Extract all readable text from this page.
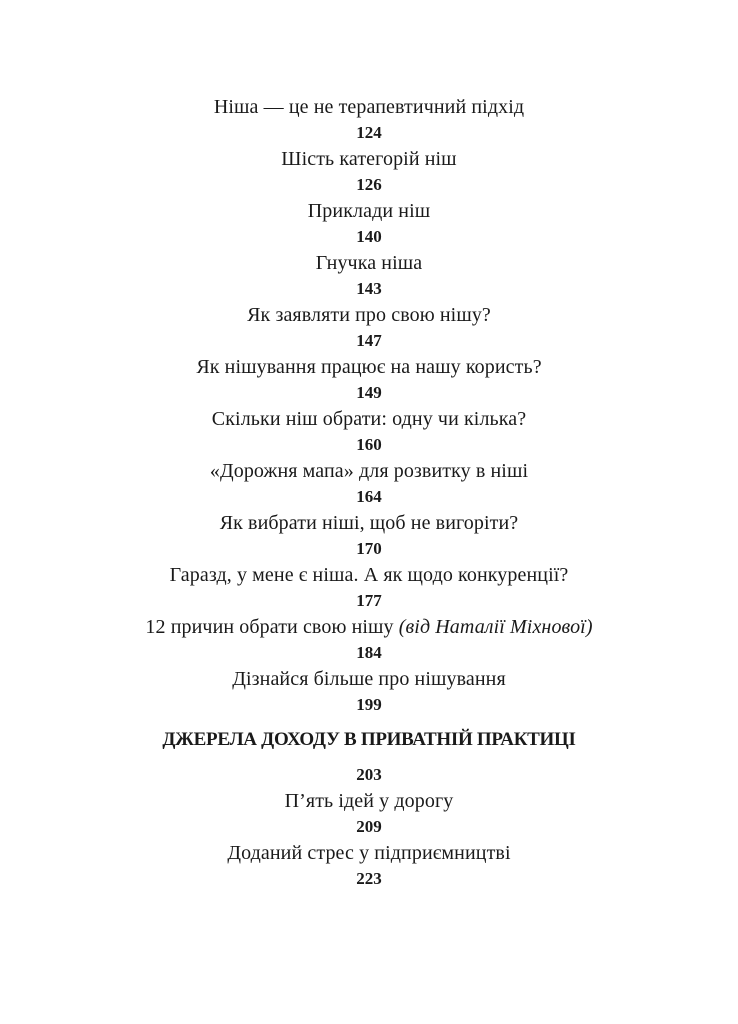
Ніша — це не терапевтичний підхід
124
Шість категорій ніш
126
Приклади ніш
140
Гнучка ніша
143
Як заявляти про свою нішу?
147
Як нішування працює на нашу користь?
149
Скільки ніш обрати: одну чи кілька?
160
«Дорожня мапа» для розвитку в ніші
164
Як вибрати ніші, щоб не вигоріти?
170
Гаразд, у мене є ніша. А як щодо конкуренції?
177
12 причин обрати свою нішу (від Наталії Міхнової)
184
Дізнайся більше про нішування
199
ДЖЕРЕЛА ДОХОДУ В ПРИВАТНІЙ ПРАКТИЦІ
203
П’ять ідей у дорогу
209
Доданий стрес у підприємництві
223
